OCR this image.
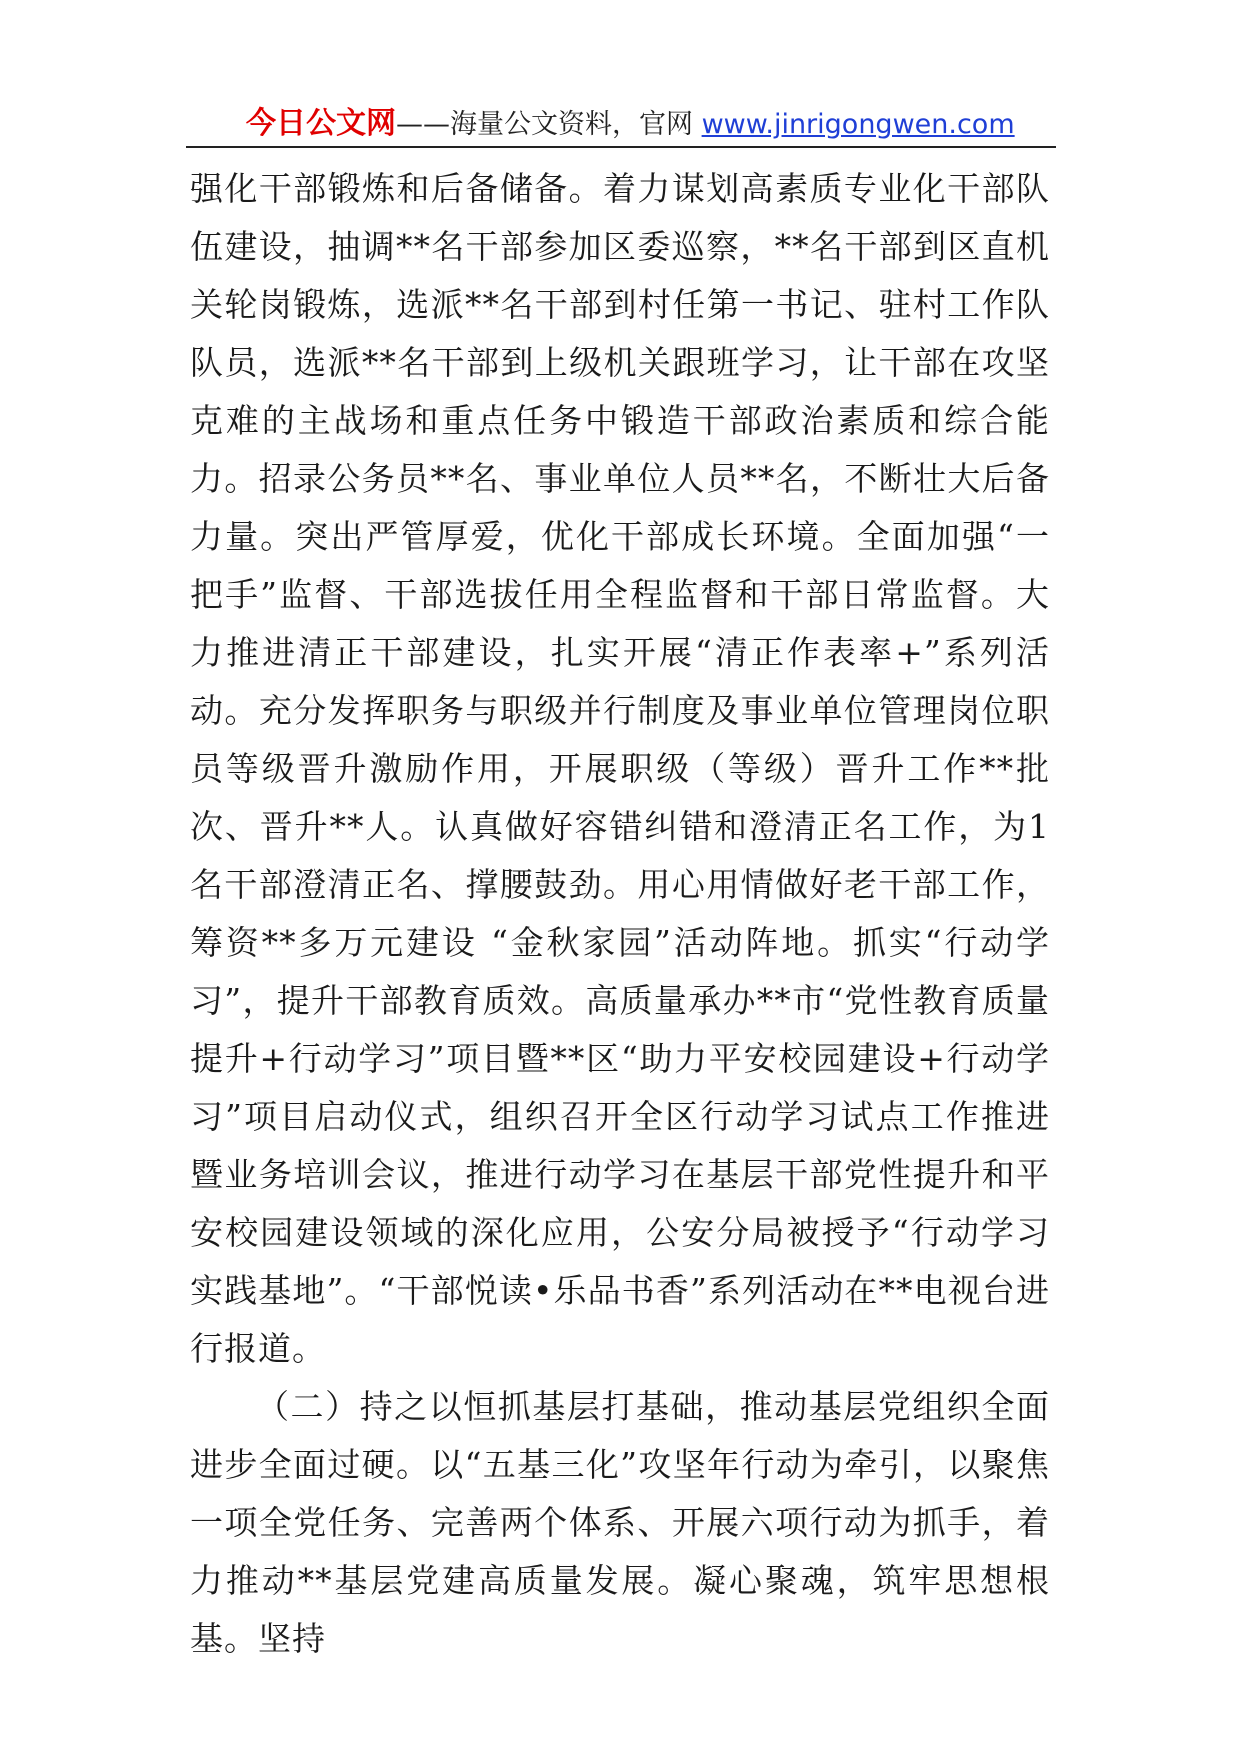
今日公文网——海量公文资料，官网 www.jinrigongwen.com

强化干部锻炼和后备储备。着力谋划高素质专业化干部队伍建设，抽调**名干部参加区委巡察，**名干部到区直机关轮岗锻炼，选派**名干部到村任第一书记、驻村工作队队员，选派**名干部到上级机关跟班学习，让干部在攻坚克难的主战场和重点任务中锻造干部政治素质和综合能力。招录公务员**名、事业单位人员**名，不断壮大后备力量。突出严管厚爱，优化干部成长环境。全面加强“一把手”监督、干部选拔任用全程监督和干部日常监督。大力推进清正干部建设，扎实开展“清正作表率+”系列活动。充分发挥职务与职级并行制度及事业单位管理岗位职员等级晋升激励作用，开展职级（等级）晋升工作**批次、晋升**人。认真做好容错纠错和澄清正名工作，为1名干部澄清正名、撑腰鼓劲。用心用情做好老干部工作，筹资**多万元建设 “金秋家园”活动阵地。抓实“行动学习”，提升干部教育质效。高质量承办**市“党性教育质量提升+行动学习”项目暨**区“助力平安校园建设+行动学习”项目启动仪式，组织召开全区行动学习试点工作推进暨业务培训会议，推进行动学习在基层干部党性提升和平安校园建设领域的深化应用，公安分局被授予“行动学习实践基地”。“干部悦读•乐品书香”系列活动在**电视台进行报道。

（二）持之以恒抓基层打基础，推动基层党组织全面进步全面过硬。以“五基三化”攻坚年行动为牵引，以聚焦一项全党任务、完善两个体系、开展六项行动为抓手，着力推动**基层党建高质量发展。凝心聚魂，筑牢思想根基。坚持
